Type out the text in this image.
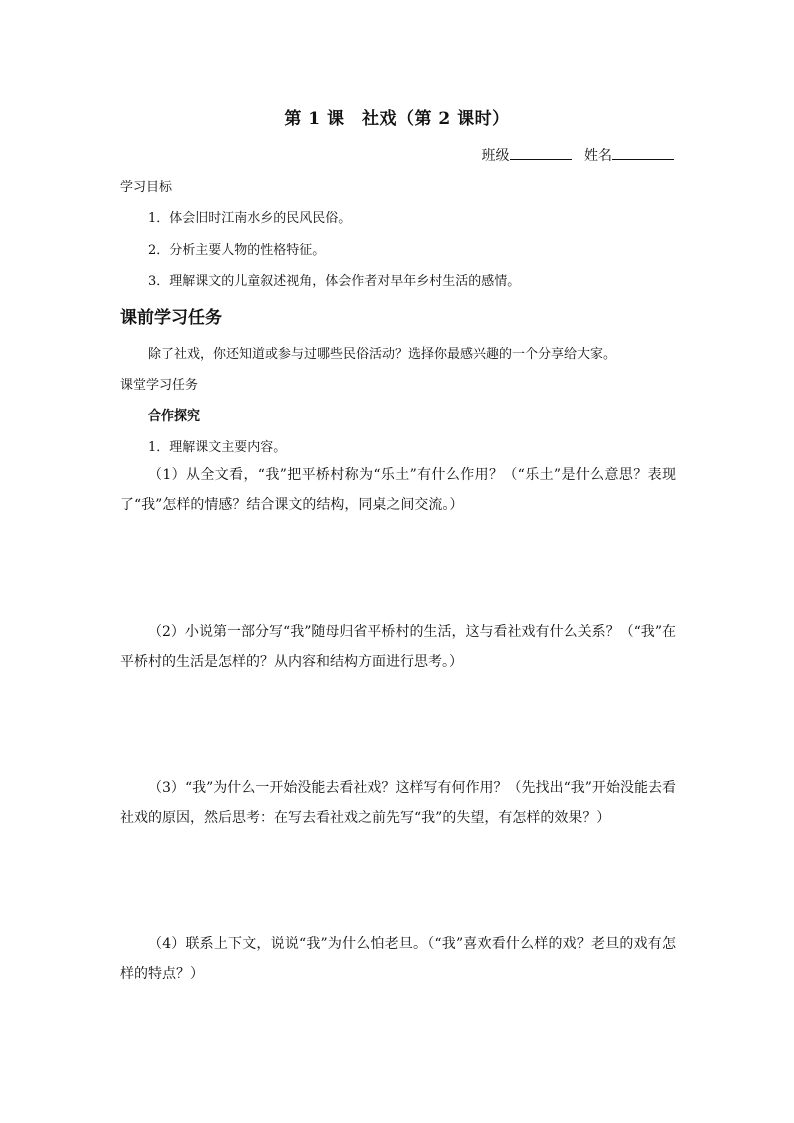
第 1 课　社戏（第 2 课时）
班级	姓名
学习目标
1．体会旧时江南水乡的民风民俗。
2．分析主要人物的性格特征。
3．理解课文的儿童叙述视角，体会作者对早年乡村生活的感情。
课前学习任务
除了社戏，你还知道或参与过哪些民俗活动？选择你最感兴趣的一个分享给大家。
课堂学习任务
合作探究
1．理解课文主要内容。
（1）从全文看，“我”把平桥村称为“乐土”有什么作用？（“乐土”是什么意思？表现了“我”怎样的情感？结合课文的结构，同桌之间交流。）
（2）小说第一部分写“我”随母归省平桥村的生活，这与看社戏有什么关系？（“我”在平桥村的生活是怎样的？从内容和结构方面进行思考。）
（3）“我”为什么一开始没能去看社戏？这样写有何作用？（先找出“我”开始没能去看社戏的原因，然后思考：在写去看社戏之前先写“我”的失望，有怎样的效果？）
（4）联系上下文，说说“我”为什么怕老旦。（“我”喜欢看什么样的戏？老旦的戏有怎样的特点？）
